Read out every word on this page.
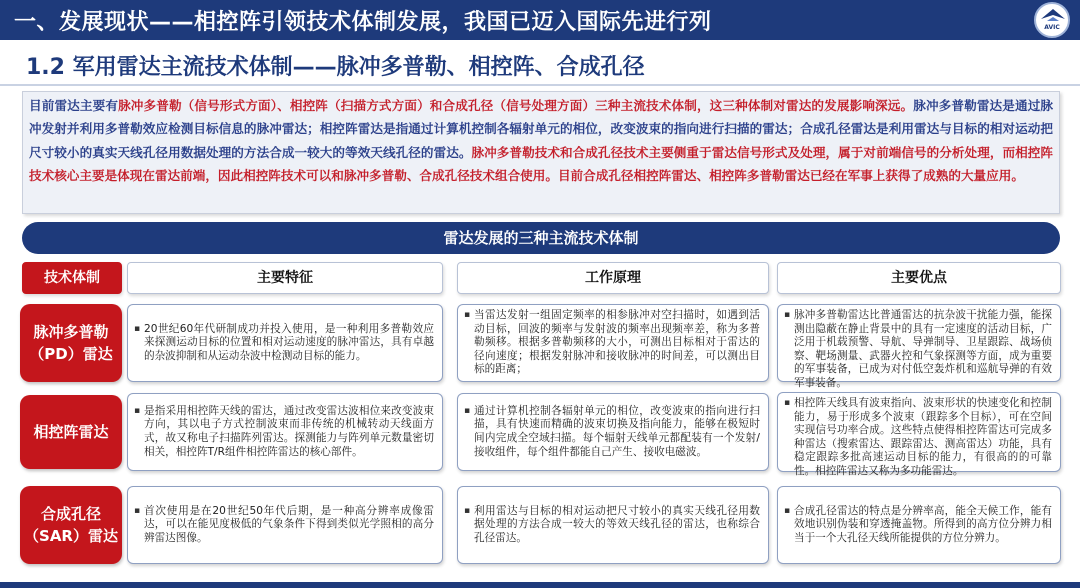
一、发展现状——相控阵引领技术体制发展，我国已迈入国际先进行列	AVIC
1.2 军用雷达主流技术体制——脉冲多普勒、相控阵、合成孔径
目前雷达主要有脉冲多普勒（信号形式方面）、相控阵（扫描方式方面）和合成孔径（信号处理方面）三种主流技术体制，这三种体制对雷达的发展影响深远。脉冲多普勒雷达是通过脉冲发射并利用多普勒效应检测目标信息的脉冲雷达；相控阵雷达是指通过计算机控制各辐射单元的相位，改变波束的指向进行扫描的雷达；合成孔径雷达是利用雷达与目标的相对运动把尺寸较小的真实天线孔径用数据处理的方法合成一较大的等效天线孔径的雷达。脉冲多普勒技术和合成孔径技术主要侧重于雷达信号形式及处理，属于对前端信号的分析处理，而相控阵技术核心主要是体现在雷达前端，因此相控阵技术可以和脉冲多普勒、合成孔径技术组合使用。目前合成孔径相控阵雷达、相控阵多普勒雷达已经在军事上获得了成熟的大量应用。
雷达发展的三种主流技术体制
技术体制	主要特征	工作原理	主要优点
脉冲多普勒（PD）雷达
▪ 20世纪60年代研制成功并投入使用，是一种利用多普勒效应来探测运动目标的位置和相对运动速度的脉冲雷达，具有卓越的杂波抑制和从运动杂波中检测动目标的能力。
▪ 当雷达发射一组固定频率的相参脉冲对空扫描时，如遇到活动目标，回波的频率与发射波的频率出现频率差，称为多普勒频移。根据多普勒频移的大小，可测出目标相对于雷达的径向速度；根据发射脉冲和接收脉冲的时间差，可以测出目标的距离；
▪ 脉冲多普勒雷达比普通雷达的抗杂波干扰能力强，能探测出隐蔽在静止背景中的具有一定速度的活动目标，广泛用于机载预警、导航、导弹制导、卫星跟踪、战场侦察、靶场测量、武器火控和气象探测等方面，成为重要的军事装备，已成为对付低空轰炸机和巡航导弹的有效军事装备。
相控阵雷达
▪ 是指采用相控阵天线的雷达，通过改变雷达波相位来改变波束方向，其以电子方式控制波束而非传统的机械转动天线面方式，故又称电子扫描阵列雷达。探测能力与阵列单元数量密切相关，相控阵T/R组件相控阵雷达的核心部件。
▪ 通过计算机控制各辐射单元的相位，改变波束的指向进行扫描，具有快速而精确的波束切换及指向能力，能够在极短时间内完成全空域扫描。每个辐射天线单元都配装有一个发射/接收组件，每个组件都能自己产生、接收电磁波。
▪ 相控阵天线具有波束指向、波束形状的快速变化和控制能力，易于形成多个波束（跟踪多个目标），可在空间实现信号功率合成。这些特点使得相控阵雷达可完成多种雷达（搜索雷达、跟踪雷达、测高雷达）功能，具有稳定跟踪多批高速运动目标的能力，有很高的的可靠性。相控阵雷达又称为多功能雷达。
合成孔径（SAR）雷达
▪ 首次使用是在20世纪50年代后期，是一种高分辨率成像雷达，可以在能见度极低的气象条件下得到类似光学照相的高分辨雷达图像。
▪ 利用雷达与目标的相对运动把尺寸较小的真实天线孔径用数据处理的方法合成一较大的等效天线孔径的雷达，也称综合孔径雷达。
▪ 合成孔径雷达的特点是分辨率高，能全天候工作，能有效地识别伪装和穿透掩盖物。所得到的高方位分辨力相当于一个大孔径天线所能提供的方位分辨力。
